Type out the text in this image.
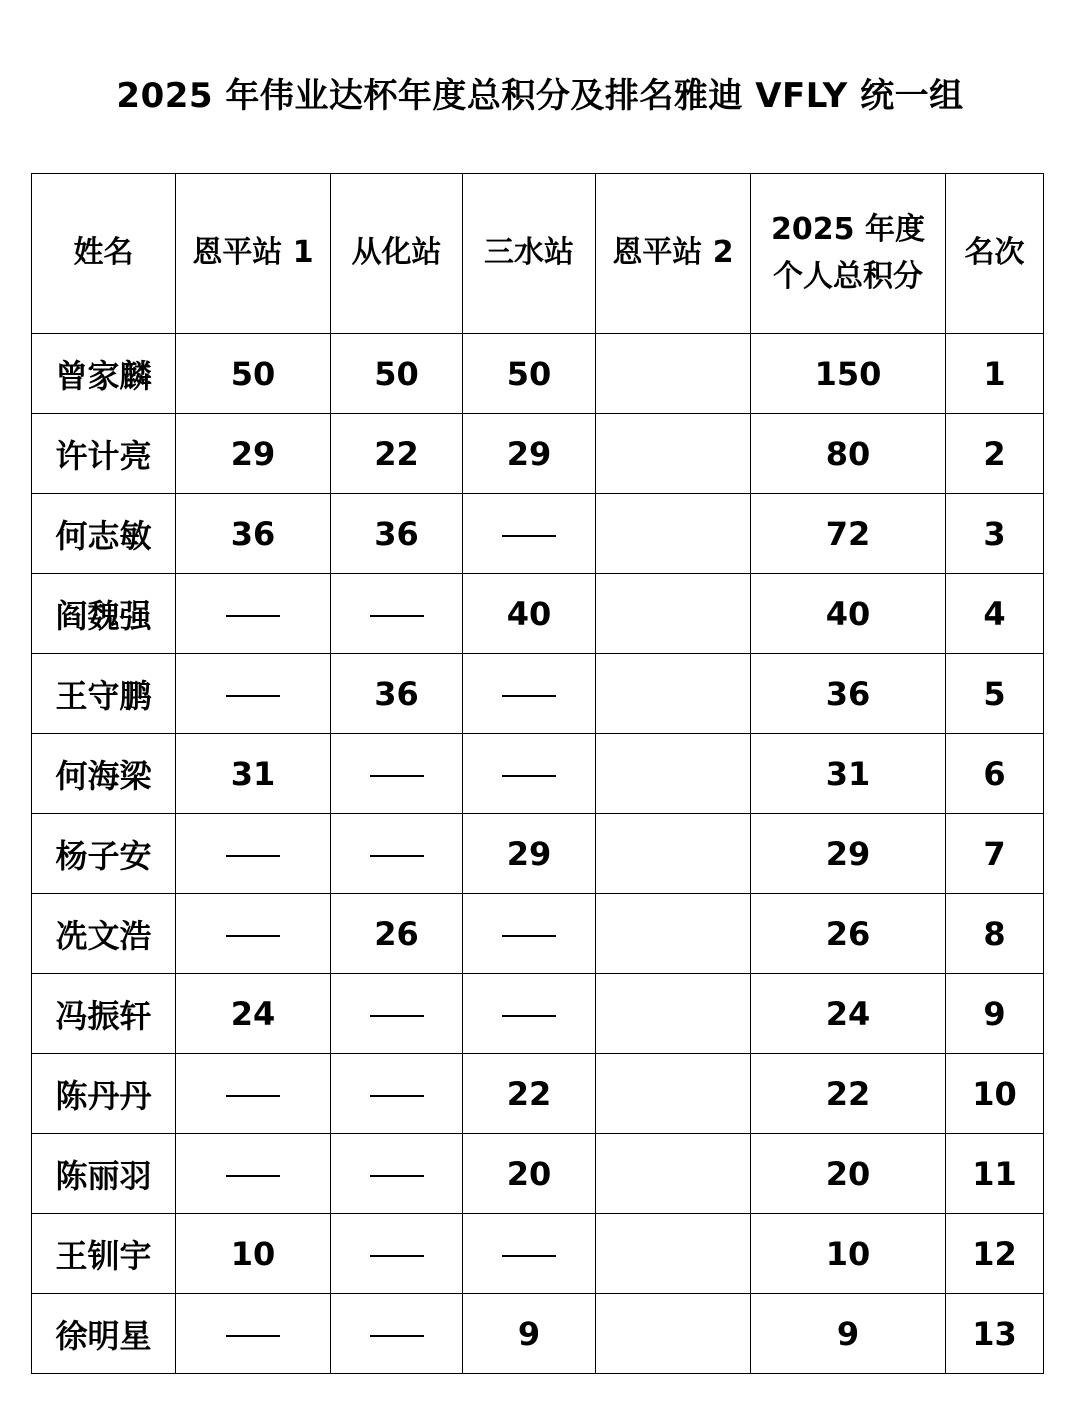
2025 年伟业达杯年度总积分及排名雅迪 VFLY 统一组
姓名	恩平站 1	从化站	三水站	恩平站 2	2025 年度
个人总积分	名次
曾家麟	50	50	50		150	1
许计亮	29	22	29		80	2
何志敏	36	36			72	3
阎魏强			40		40	4
王守鹏		36			36	5
何海梁	31				31	6
杨子安			29		29	7
冼文浩		26			26	8
冯振轩	24				24	9
陈丹丹			22		22	10
陈丽羽			20		20	11
王钏宇	10				10	12
徐明星			9		9	13
